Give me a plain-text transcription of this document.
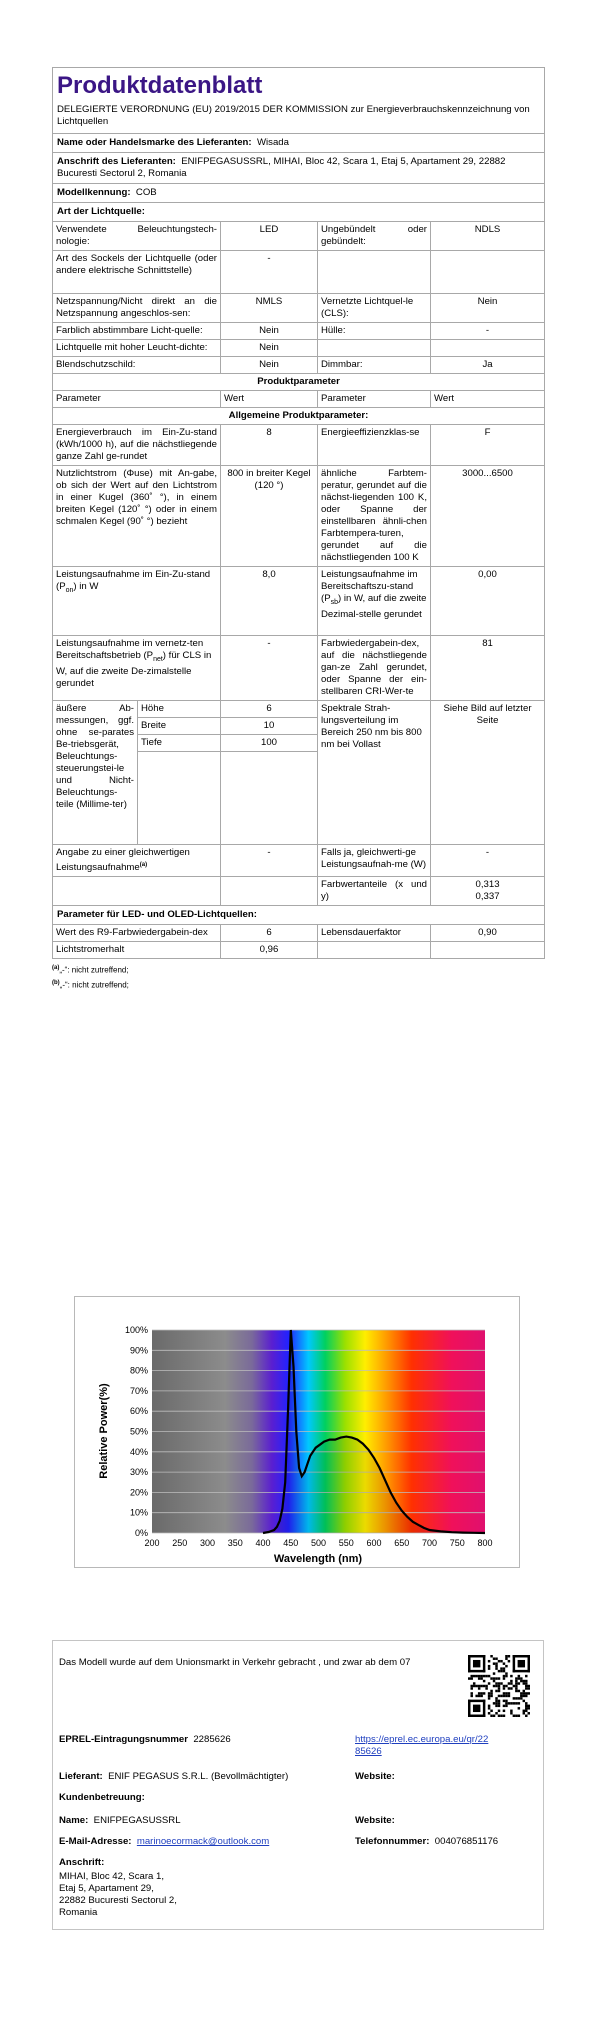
Produktdatenblatt				
DELEGIERTE VERORDNUNG (EU) 2019/2015 DER KOMMISSION zur Energieverbrauchskennzeichnung von Lichtquellen				
Name oder Handelsmarke des Lieferanten: Wisada				
Anschrift des Lieferanten: ENIFPEGASUSSRL, MIHAI, Bloc 42, Scara 1, Etaj 5, Apartament 29, 22882 Bucuresti Sectorul 2, Romania				
Modellkennung: COB				
Art der Lichtquelle:				
Verwendete Beleuchtungstech-nologie:		LED	Ungebündelt oder gebündelt:	NDLS
Art des Sockels der Lichtquelle (oder andere elektrische Schnittstelle)		-		
Netzspannung/Nicht direkt an die Netzspannung angeschlos-sen:		NMLS	Vernetzte Lichtquel-le (CLS):	Nein
Farblich abstimmbare Licht-quelle:		Nein	Hülle:	-
Lichtquelle mit hoher Leucht-dichte:		Nein		
Blendschutzschild:		Nein	Dimmbar:	Ja
Produktparameter				
Parameter		Wert	Parameter	Wert
Allgemeine Produktparameter:				
Energieverbrauch im Ein-Zu-stand (kWh/1000 h), auf die nächstliegende ganze Zahl ge-rundet		8	Energieeffizienzklas-se	F
Nutzlichtstrom (Φuse) mit An-gabe, ob sich der Wert auf den Lichtstrom in einer Kugel (360˚ °), in einem breiten Kegel (120˚ °) oder in einem schmalen Kegel (90˚ °) bezieht		800 in breiter Kegel (120 °)	ähnliche Farbtem-peratur, gerundet auf die nächst-liegenden 100 K, oder Spanne der einstellbaren ähnli-chen Farbtempera-turen, gerundet auf die nächstliegenden 100 K	3000...6500
Leistungsaufnahme im Ein-Zu-stand $(P_{on})$ in W		8,0	Leistungsaufnahme im Bereitschaftszu-stand $(P_{sb})$ in W, auf die zweite Dezimal-stelle gerundet	0,00
Leistungsaufnahme im vernetz-ten Bereitschaftsbetrieb $(P_{net})$ für CLS in W, auf die zweite De-zimalstelle gerundet		-	Farbwiedergabein-dex, auf die nächstliegende gan-ze Zahl gerundet, oder Spanne der ein-stellbaren CRI-Wer-te	81
äußere Ab-messungen, ggf. ohne se-parates Be-triebsgerät, Beleuchtungs-steuerungstei-le und Nicht-Beleuchtungs-teile (Millime-ter)	Höhe	6	Spektrale Strah-lungsverteilung im Bereich 250 nm bis 800 nm bei Vollast	Siehe Bild auf letzter Seite
	Breite	10		
	Tiefe	100		

Angabe zu einer gleichwertigen Leistungsaufnahme$^{(a)}$		-	Falls ja, gleichwerti-ge Leistungsaufnah-me (W)	-
			Farbwertanteile (x und y)	0,313
0,337
Parameter für LED- und OLED-Lichtquellen:				
Wert des R9-Farbwiedergabein-dex		6	Lebensdauerfaktor	0,90
Lichtstromerhalt		0,96		
$^{(a)}$„-“: nicht zutreffend;
$^{(b)}$„-“: nicht zutreffend;
0%
10%
20%
30%
40%
50%
60%
70%
80%
90%
100%
200 250 300 350 400 450 500 550 600 650 700 750 800
Wavelength (nm)
Relative Power(%)
Das Modell wurde auf dem Unionsmarkt in Verkehr gebracht , und zwar ab dem 07
EPREL-Eintragungsnummer 2285626	https://eprel.ec.europa.eu/qr/22
85626
Lieferant: ENIF PEGASUS S.R.L. (Bevollmächtigter)	Website:
Kundenbetreuung:
Name: ENIFPEGASUSSRL	Website:
E-Mail-Adresse: marinoecormack@outlook.com	Telefonnummer: 004076851176
Anschrift:
MIHAI, Bloc 42, Scara 1,
Etaj 5, Apartament 29,
22882 Bucuresti Sectorul 2,
Romania
